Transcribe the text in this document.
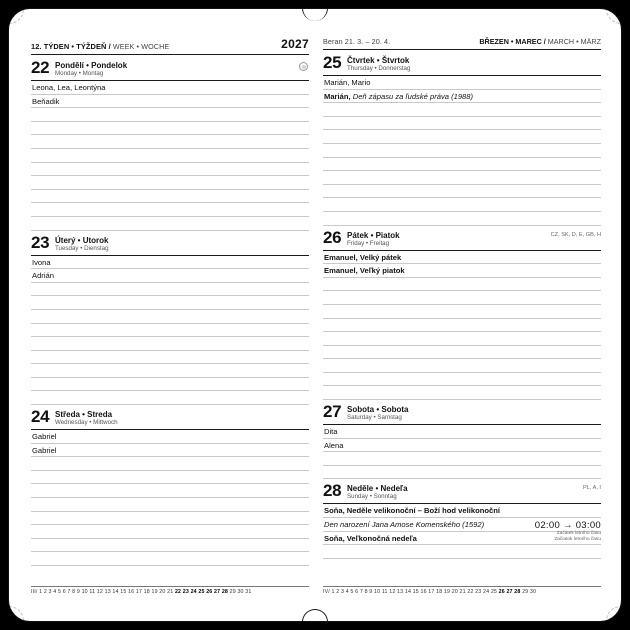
12. TÝDEN • TÝŽDEŇ / WEEK • WOCHE	2027
22 Pondělí • Pondelok
Monday • Montag
Leona, Lea, Leontýna
Beňadik
23 Úterý • Utorok
Tuesday • Dienstag
Ivona
Adrián
24 Středa • Streda
Wednesday • Mittwoch
Gabriel
Gabriel
III/ 1 2 3 4 5 6 7 8 9 10 11 12 13 14 15 16 17 18 19 20 21 22 23 24 25 26 27 28 29 30 31
Beran 21. 3. – 20. 4.	BŘEZEN • MAREC / MARCH • MÄRZ
25 Čtvrtek • Štvrtok
Thursday • Donnerstag
Marián, Mario
Marián, Deň zápasu za ľudské práva (1988)
26 Pátek • Piatok
Friday • Freitag
CZ, SK, D, E, GB, H
Emanuel, Velký pátek
Emanuel, Veľký piatok
27 Sobota • Sobota
Saturday • Samstag
Dita
Alena
28 Neděle • Nedeľa
Sunday • Sonntag
PL, A, I
Soňa, Neděle velikonoční – Boží hod velikonoční
Den narození Jana Amose Komenského (1592)
Soňa, Veľkonočná nedeľa
02:00 → 03:00
Začátek letního času
Začiatok letného času
IV/ 1 2 3 4 5 6 7 8 9 10 11 12 13 14 15 16 17 18 19 20 21 22 23 24 25 26 27 28 29 30
